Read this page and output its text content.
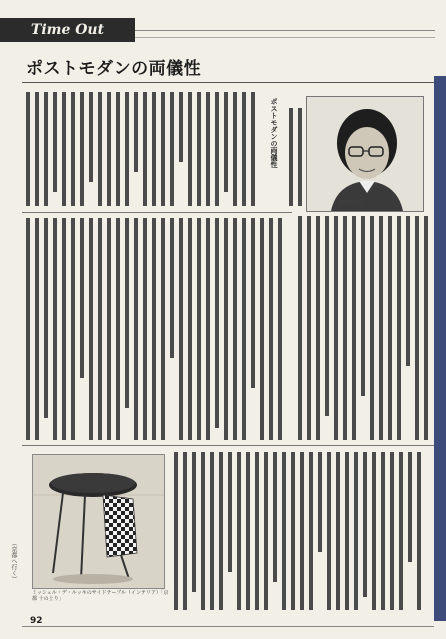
Time Out
ポストモダンの両儀性
布野修司氏
ポストモダンの両儀性
ミッシェル・デ・ルッキのサイドテーブル（インテリア）「京都 十の上り」
（京都へ行く）
92
